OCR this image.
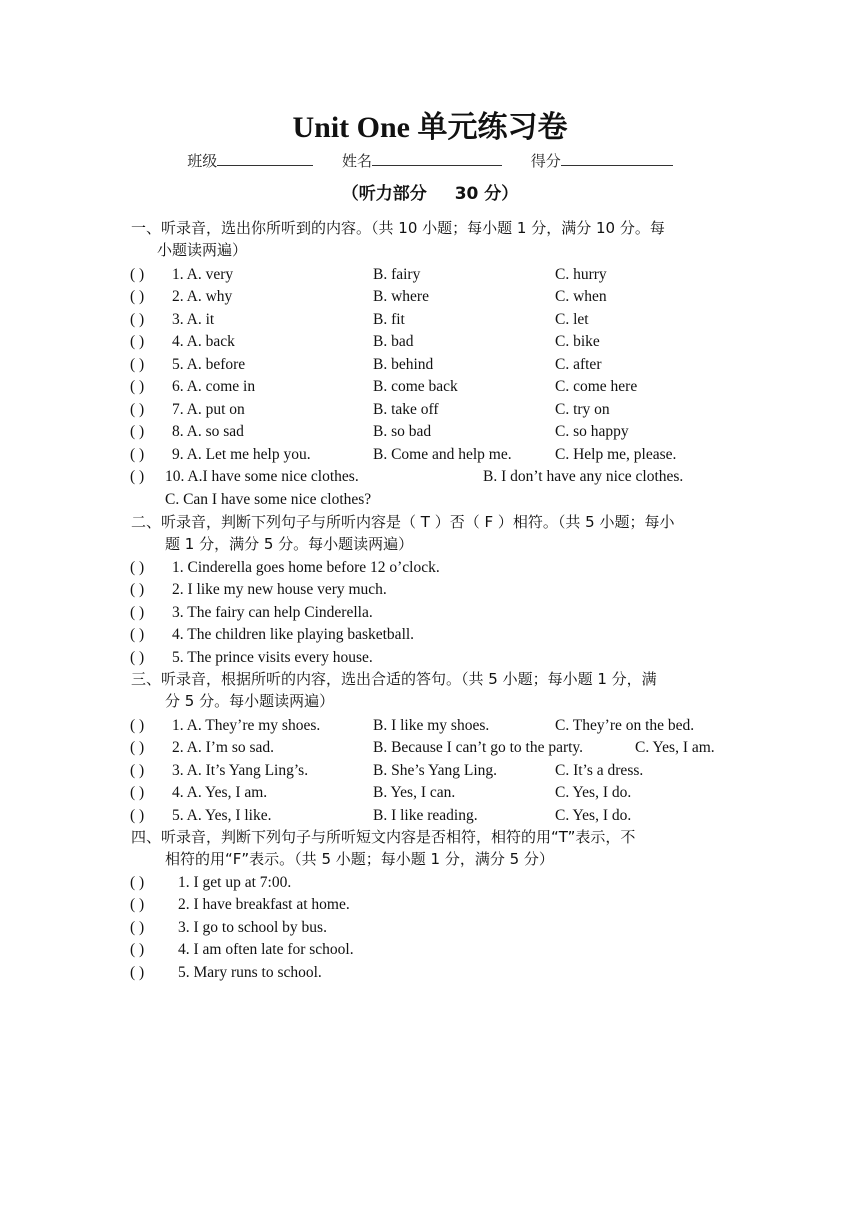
Unit One 单元练习卷
班级	姓名	得分
（听力部分 30 分）
一、听录音，选出你所听到的内容。（共 10 小题；每小题 1 分，满分 10 分。每
小题读两遍）
( ) 1. A. very	B. fairy	C. hurry
( ) 2. A. why	B. where	C. when
( ) 3. A. it	B. fit	C. let
( ) 4. A. back	B. bad	C. bike
( ) 5. A. before	B. behind	C. after
( ) 6. A. come in	B. come back	C. come here
( ) 7. A. put on	B. take off	C. try on
( ) 8. A. so sad	B. so bad	C. so happy
( ) 9. A. Let me help you.	B. Come and help me.	C. Help me, please.
( ) 10. A.I have some nice clothes.	B. I don’t have any nice clothes.
C. Can I have some nice clothes?
二、听录音，判断下列句子与所听内容是（ T ）否（ F ）相符。（共 5 小题；每小
题 1 分，满分 5 分。每小题读两遍）
( ) 1. Cinderella goes home before 12 o’clock.
( ) 2. I like my new house very much.
( ) 3. The fairy can help Cinderella.
( ) 4. The children like playing basketball.
( ) 5. The prince visits every house.
三、听录音，根据所听的内容，选出合适的答句。（共 5 小题；每小题 1 分，满
分 5 分。每小题读两遍）
( ) 1. A. They’re my shoes.	B. I like my shoes.	C. They’re on the bed.
( ) 2. A. I’m so sad.	B. Because I can’t go to the party.	C. Yes, I am.
( ) 3. A. It’s Yang Ling’s.	B. She’s Yang Ling.	C. It’s a dress.
( ) 4. A. Yes, I am.	B. Yes, I can.	C. Yes, I do.
( ) 5. A. Yes, I like.	B. I like reading.	C. Yes, I do.
四、听录音，判断下列句子与所听短文内容是否相符，相符的用“T”表示，不
相符的用“F”表示。（共 5 小题；每小题 1 分，满分 5 分）
( ) 1. I get up at 7:00.
( ) 2. I have breakfast at home.
( ) 3. I go to school by bus.
( ) 4. I am often late for school.
( ) 5. Mary runs to school.
